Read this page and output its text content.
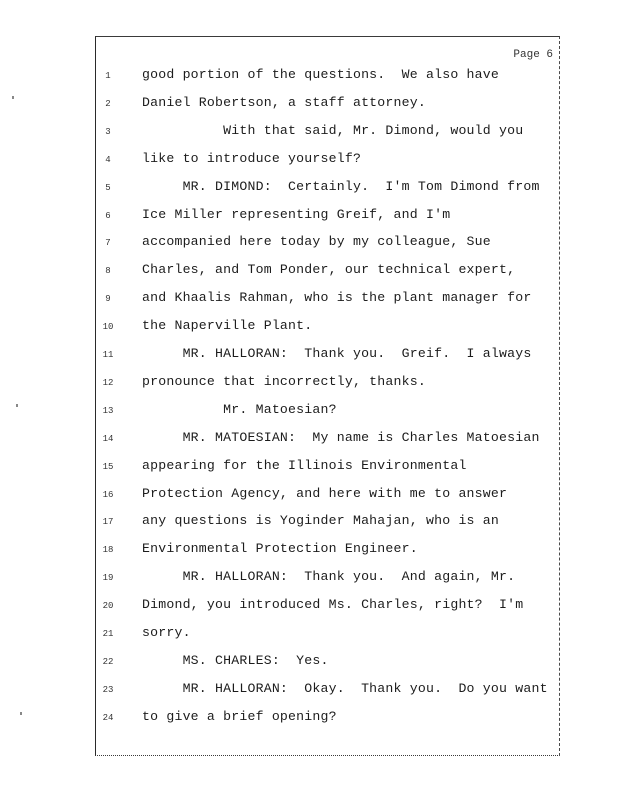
Page 6
1	good portion of the questions.  We also have
2	Daniel Robertson, a staff attorney.
3	With that said, Mr. Dimond, would you
4	like to introduce yourself?
5	MR. DIMOND:  Certainly.  I'm Tom Dimond from
6	Ice Miller representing Greif, and I'm
7	accompanied here today by my colleague, Sue
8	Charles, and Tom Ponder, our technical expert,
9	and Khaalis Rahman, who is the plant manager for
10	the Naperville Plant.
11	MR. HALLORAN:  Thank you.  Greif.  I always
12	pronounce that incorrectly, thanks.
13	Mr. Matoesian?
14	MR. MATOESIAN:  My name is Charles Matoesian
15	appearing for the Illinois Environmental
16	Protection Agency, and here with me to answer
17	any questions is Yoginder Mahajan, who is an
18	Environmental Protection Engineer.
19	MR. HALLORAN:  Thank you.  And again, Mr.
20	Dimond, you introduced Ms. Charles, right?  I'm
21	sorry.
22	MS. CHARLES:  Yes.
23	MR. HALLORAN:  Okay.  Thank you.  Do you want
24	to give a brief opening?
